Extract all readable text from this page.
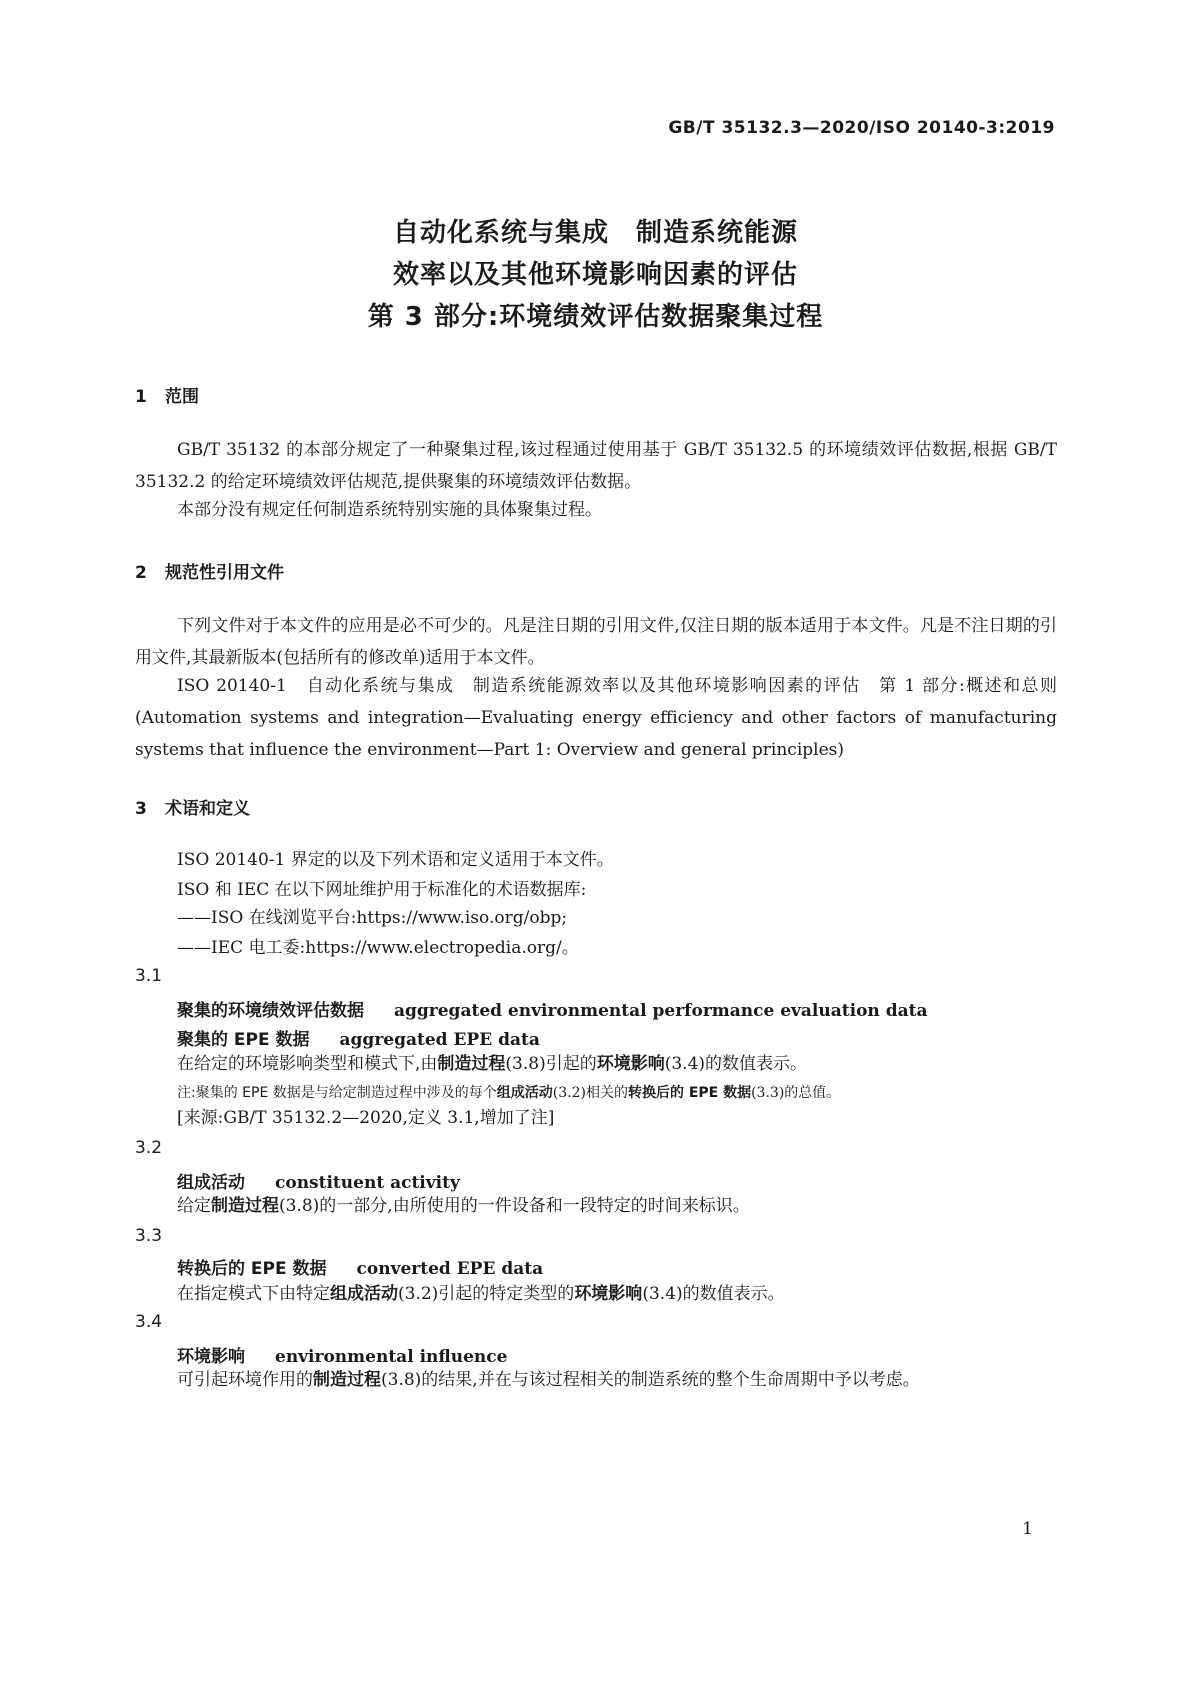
GB/T 35132.3—2020/ISO 20140-3:2019
自动化系统与集成　制造系统能源
效率以及其他环境影响因素的评估
第 3 部分:环境绩效评估数据聚集过程
1 范围

GB/T 35132 的本部分规定了一种聚集过程,该过程通过使用基于 GB/T 35132.5 的环境绩效评估数据,根据 GB/T 35132.2 的给定环境绩效评估规范,提供聚集的环境绩效评估数据。

本部分没有规定任何制造系统特别实施的具体聚集过程。

2 规范性引用文件

下列文件对于本文件的应用是必不可少的。凡是注日期的引用文件,仅注日期的版本适用于本文件。凡是不注日期的引用文件,其最新版本(包括所有的修改单)适用于本文件。

ISO 20140-1　自动化系统与集成　制造系统能源效率以及其他环境影响因素的评估　第 1 部分:概述和总则(Automation systems and integration—Evaluating energy efficiency and other factors of manufacturing systems that influence the environment—Part 1: Overview and general principles)

3 术语和定义
ISO 20140-1 界定的以及下列术语和定义适用于本文件。
ISO 和 IEC 在以下网址维护用于标准化的术语数据库:
——ISO 在线浏览平台:https://www.iso.org/obp;
——IEC 电工委:https://www.electropedia.org/。
3.1
聚集的环境绩效评估数据 aggregated environmental performance evaluation data
聚集的 EPE 数据 aggregated EPE data
在给定的环境影响类型和模式下,由制造过程(3.8)引起的环境影响(3.4)的数值表示。
注:聚集的 EPE 数据是与给定制造过程中涉及的每个组成活动(3.2)相关的转换后的 EPE 数据(3.3)的总值。
[来源:GB/T 35132.2—2020,定义 3.1,增加了注]
3.2
组成活动 constituent activity
给定制造过程(3.8)的一部分,由所使用的一件设备和一段特定的时间来标识。
3.3
转换后的 EPE 数据 converted EPE data
在指定模式下由特定组成活动(3.2)引起的特定类型的环境影响(3.4)的数值表示。
3.4
环境影响 environmental influence

可引起环境作用的制造过程(3.8)的结果,并在与该过程相关的制造系统的整个生命周期中予以考虑。

1
